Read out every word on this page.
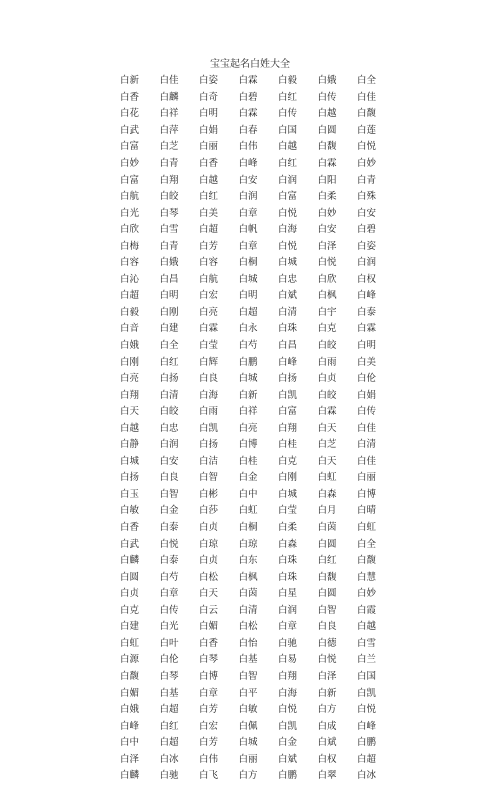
宝宝起名白姓大全
白新	白佳	白姿	白霖	白毅	白娥	白全
白香	白麟	白奇	白碧	白红	白传	白佳
白花	白祥	白明	白霖	白传	白越	白馥
白武	白萍	白娟	白春	白国	白圆	白莲
白富	白芝	白丽	白伟	白越	白馥	白悦
白妙	白青	白香	白峰	白红	白霖	白妙
白富	白翔	白越	白安	白润	白阳	白青
白航	白皎	白红	白润	白富	白柔	白殊
白光	白琴	白美	白章	白悦	白妙	白安
白欣	白雪	白超	白帆	白海	白安	白碧
白梅	白青	白芳	白章	白悦	白泽	白姿
白容	白娥	白容	白桐	白城	白悦	白润
白沁	白昌	白航	白城	白忠	白欣	白权
白超	白明	白宏	白明	白斌	白枫	白峰
白毅	白刚	白亮	白超	白清	白宇	白泰
白音	白建	白霖	白永	白珠	白克	白霖
白娥	白全	白莹	白芍	白昌	白皎	白明
白刚	白红	白辉	白鹏	白峰	白雨	白美
白亮	白扬	白良	白城	白扬	白贞	白伦
白翔	白清	白海	白新	白凯	白皎	白娟
白天	白皎	白雨	白祥	白富	白霖	白传
白越	白忠	白凯	白亮	白翔	白天	白佳
白静	白润	白扬	白博	白桂	白芝	白清
白城	白安	白洁	白桂	白克	白天	白佳
白扬	白良	白智	白金	白刚	白虹	白丽
白玉	白智	白彬	白中	白城	白森	白博
白敏	白金	白莎	白虹	白莹	白月	白晴
白香	白泰	白贞	白桐	白柔	白茵	白虹
白武	白悦	白琼	白琼	白森	白圆	白全
白麟	白泰	白贞	白东	白珠	白红	白馥
白圆	白芍	白松	白枫	白珠	白馥	白慧
白贞	白章	白天	白茵	白星	白圆	白妙
白克	白传	白云	白清	白润	白智	白霞
白建	白光	白媚	白松	白章	白良	白越
白虹	白叶	白香	白怡	白驰	白德	白雪
白源	白伦	白琴	白基	白易	白悦	白兰
白馥	白琴	白博	白智	白翔	白泽	白国
白媚	白基	白章	白平	白海	白新	白凯
白娥	白超	白芳	白敏	白悦	白方	白悦
白峰	白红	白宏	白佩	白凯	白成	白峰
白中	白超	白芳	白城	白金	白斌	白鹏
白泽	白冰	白伟	白丽	白斌	白权	白超
白麟	白驰	白飞	白方	白鹏	白翠	白冰
